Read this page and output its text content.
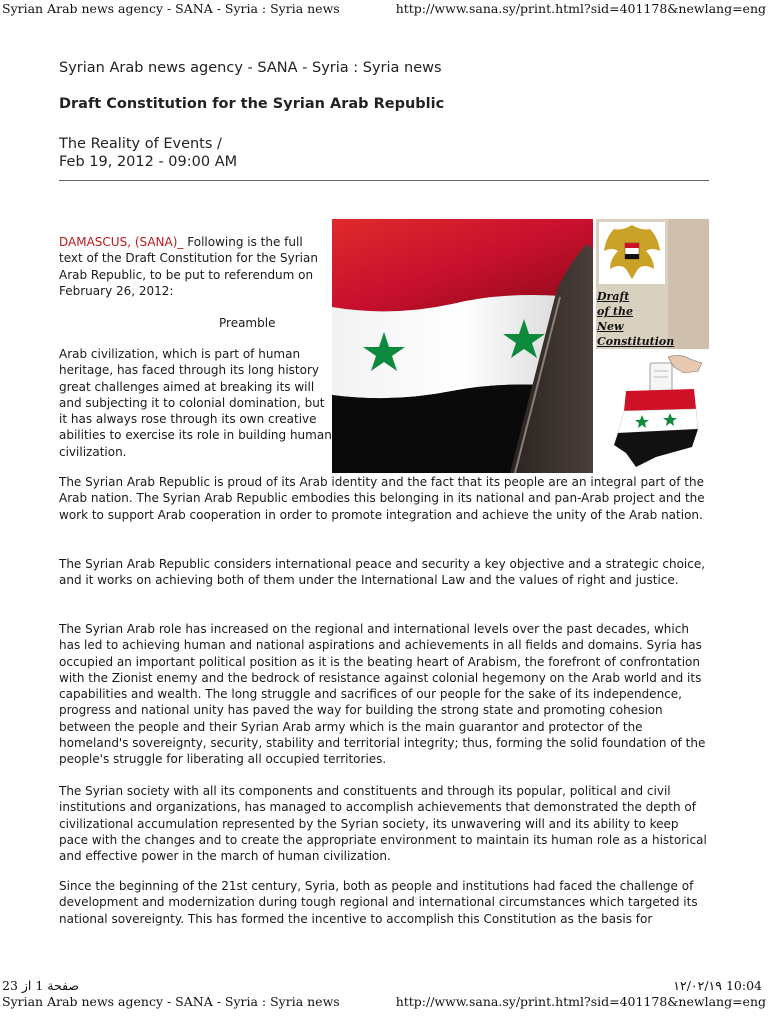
Syrian Arab news agency - SANA - Syria : Syria news	http://www.sana.sy/print.html?sid=401178&newlang=eng
Syrian Arab news agency - SANA - Syria : Syria news
Draft Constitution for the Syrian Arab Republic
The Reality of Events /
Feb 19, 2012 - 09:00 AM
DAMASCUS, (SANA)_ Following is the full text of the Draft Constitution for the Syrian Arab Republic, to be put to referendum on February 26, 2012:
Preamble
Arab civilization, which is part of human heritage, has faced through its long history great challenges aimed at breaking its will and subjecting it to colonial domination, but it has always rose through its own creative abilities to exercise its role in building human civilization.
Draft
of the
New
Constitution
The Syrian Arab Republic is proud of its Arab identity and the fact that its people are an integral part of the Arab nation. The Syrian Arab Republic embodies this belonging in its national and pan-Arab project and the work to support Arab cooperation in order to promote integration and achieve the unity of the Arab nation.
The Syrian Arab Republic considers international peace and security a key objective and a strategic choice, and it works on achieving both of them under the International Law and the values of right and justice.
The Syrian Arab role has increased on the regional and international levels over the past decades, which has led to achieving human and national aspirations and achievements in all fields and domains. Syria has occupied an important political position as it is the beating heart of Arabism, the forefront of confrontation with the Zionist enemy and the bedrock of resistance against colonial hegemony on the Arab world and its capabilities and wealth. The long struggle and sacrifices of our people for the sake of its independence, progress and national unity has paved the way for building the strong state and promoting cohesion between the people and their Syrian Arab army which is the main guarantor and protector of the homeland's sovereignty, security, stability and territorial integrity; thus, forming the solid foundation of the people's struggle for liberating all occupied territories.
The Syrian society with all its components and constituents and through its popular, political and civil institutions and organizations, has managed to accomplish achievements that demonstrated the depth of civilizational accumulation represented by the Syrian society, its unwavering will and its ability to keep pace with the changes and to create the appropriate environment to maintain its human role as a historical and effective power in the march of human civilization.
Since the beginning of the 21st century, Syria, both as people and institutions had faced the challenge of development and modernization during tough regional and international circumstances which targeted its national sovereignty. This has formed the incentive to accomplish this Constitution as the basis for
صفحة 1 از 23	١٢/٠٢/١٩ 10:04
Syrian Arab news agency - SANA - Syria : Syria news	http://www.sana.sy/print.html?sid=401178&newlang=eng
